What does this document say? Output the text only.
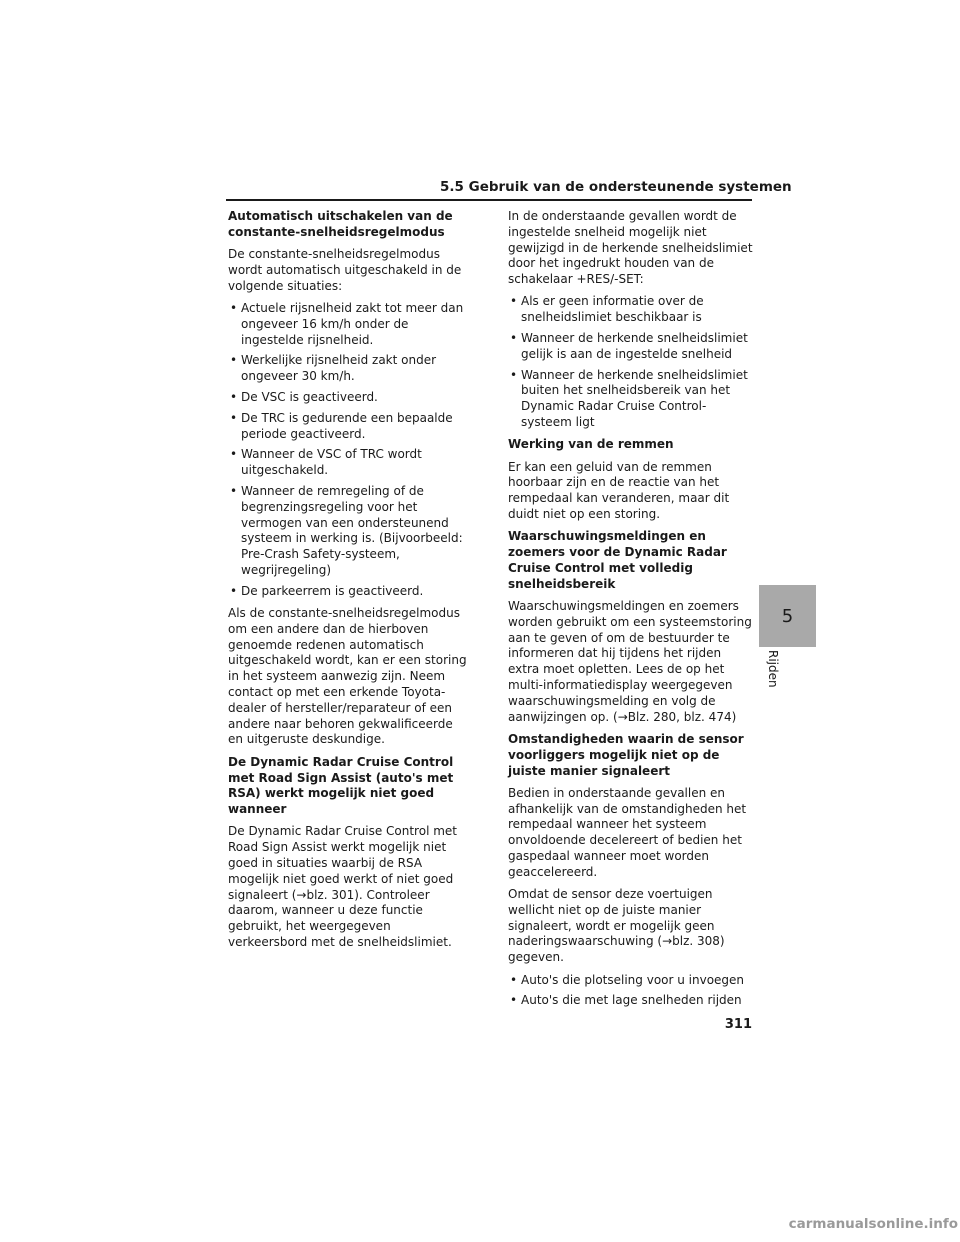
5.5 Gebruik van de ondersteunende systemen

Automatisch uitschakelen van de constante-snelheidsregelmodus

De constante-snelheidsregelmodus wordt automatisch uitgeschakeld in de volgende situaties:

• Actuele rijsnelheid zakt tot meer dan ongeveer 16 km/h onder de ingestelde rijsnelheid.
• Werkelijke rijsnelheid zakt onder ongeveer 30 km/h.
• De VSC is geactiveerd.
• De TRC is gedurende een bepaalde periode geactiveerd.
• Wanneer de VSC of TRC wordt uitgeschakeld.
• Wanneer de remregeling of de begrenzingsregeling voor het vermogen van een ondersteunend systeem in werking is. (Bijvoorbeeld: Pre-Crash Safety-systeem, wegrijregeling)
• De parkeerrem is geactiveerd.

Als de constante-snelheidsregelmodus om een andere dan de hierboven genoemde redenen automatisch uitgeschakeld wordt, kan er een storing in het systeem aanwezig zijn. Neem contact op met een erkende Toyota-dealer of hersteller/reparateur of een andere naar behoren gekwalificeerde en uitgeruste deskundige.

De Dynamic Radar Cruise Control met Road Sign Assist (auto's met RSA) werkt mogelijk niet goed wanneer

De Dynamic Radar Cruise Control met Road Sign Assist werkt mogelijk niet goed in situaties waarbij de RSA mogelijk niet goed werkt of niet goed signaleert (→blz. 301). Controleer daarom, wanneer u deze functie gebruikt, het weergegeven verkeersbord met de snelheidslimiet.

In de onderstaande gevallen wordt de ingestelde snelheid mogelijk niet gewijzigd in de herkende snelheidslimiet door het ingedrukt houden van de schakelaar +RES/-SET:

• Als er geen informatie over de snelheidslimiet beschikbaar is
• Wanneer de herkende snelheidslimiet gelijk is aan de ingestelde snelheid
• Wanneer de herkende snelheidslimiet buiten het snelheidsbereik van het Dynamic Radar Cruise Control-systeem ligt

Werking van de remmen

Er kan een geluid van de remmen hoorbaar zijn en de reactie van het rempedaal kan veranderen, maar dit duidt niet op een storing.

Waarschuwingsmeldingen en zoemers voor de Dynamic Radar Cruise Control met volledig snelheidsbereik

Waarschuwingsmeldingen en zoemers worden gebruikt om een systeemstoring aan te geven of om de bestuurder te informeren dat hij tijdens het rijden extra moet opletten. Lees de op het multi-informatiedisplay weergegeven waarschuwingsmelding en volg de aanwijzingen op. (→Blz. 280, blz. 474)

Omstandigheden waarin de sensor voorliggers mogelijk niet op de juiste manier signaleert

Bedien in onderstaande gevallen en afhankelijk van de omstandigheden het rempedaal wanneer het systeem onvoldoende decelereert of bedien het gaspedaal wanneer moet worden geaccelereerd.

Omdat de sensor deze voertuigen wellicht niet op de juiste manier signaleert, wordt er mogelijk geen naderingswaarschuwing (→blz. 308) gegeven.

• Auto's die plotseling voor u invoegen
• Auto's die met lage snelheden rijden
5
Rijden
311
carmanualsonline.info
